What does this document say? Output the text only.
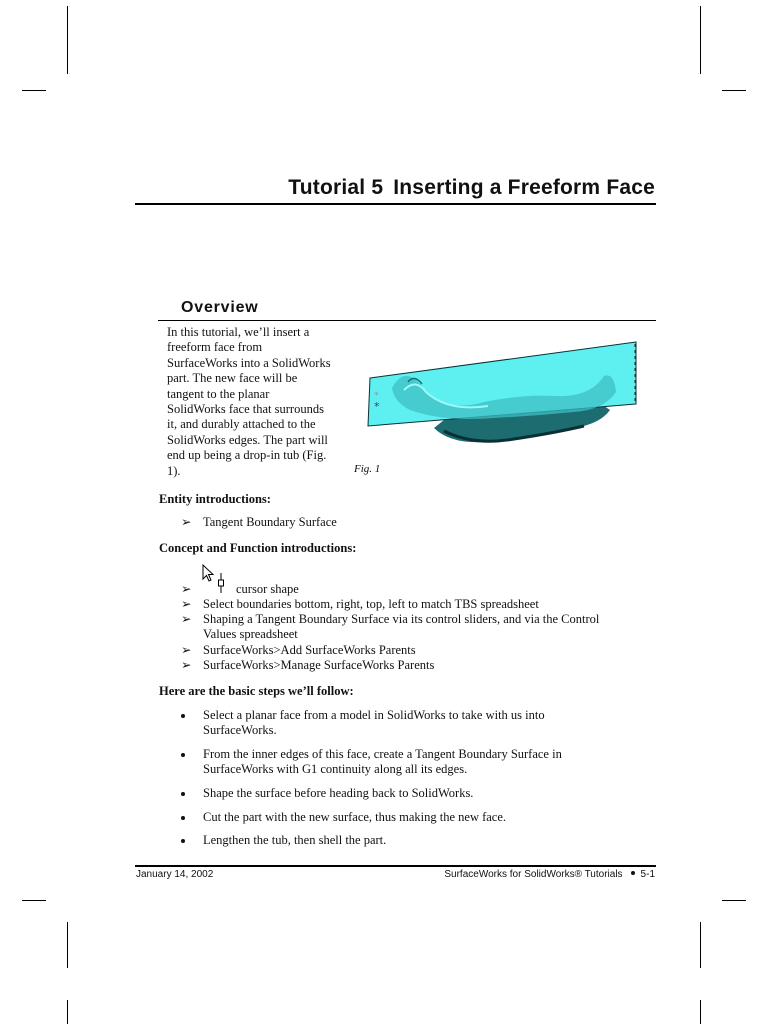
Tutorial 5 Inserting a Freeform Face
Overview
In this tutorial, we’ll insert a
freeform face from
SurfaceWorks into a SolidWorks
part. The new face will be
tangent to the planar
SolidWorks face that surrounds
it, and durably attached to the
SolidWorks edges. The part will
end up being a drop-in tub (Fig.
1).
*
*
Fig. 1
Entity introductions:
➢ Tangent Boundary Surface
Concept and Function introductions:
➢	cursor shape
➢ Select boundaries bottom, right, top, left to match TBS spreadsheet
➢ Shaping a Tangent Boundary Surface via its control sliders, and via the Control
Values spreadsheet
➢ SurfaceWorks>Add SurfaceWorks Parents
➢ SurfaceWorks>Manage SurfaceWorks Parents
Here are the basic steps we’ll follow:
Select a planar face from a model in SolidWorks to take with us into
SurfaceWorks.
From the inner edges of this face, create a Tangent Boundary Surface in
SurfaceWorks with G1 continuity along all its edges.
Shape the surface before heading back to SolidWorks.
Cut the part with the new surface, thus making the new face.
Lengthen the tub, then shell the part.
January 14, 2002	SurfaceWorks for SolidWorks® Tutorials 5-1
